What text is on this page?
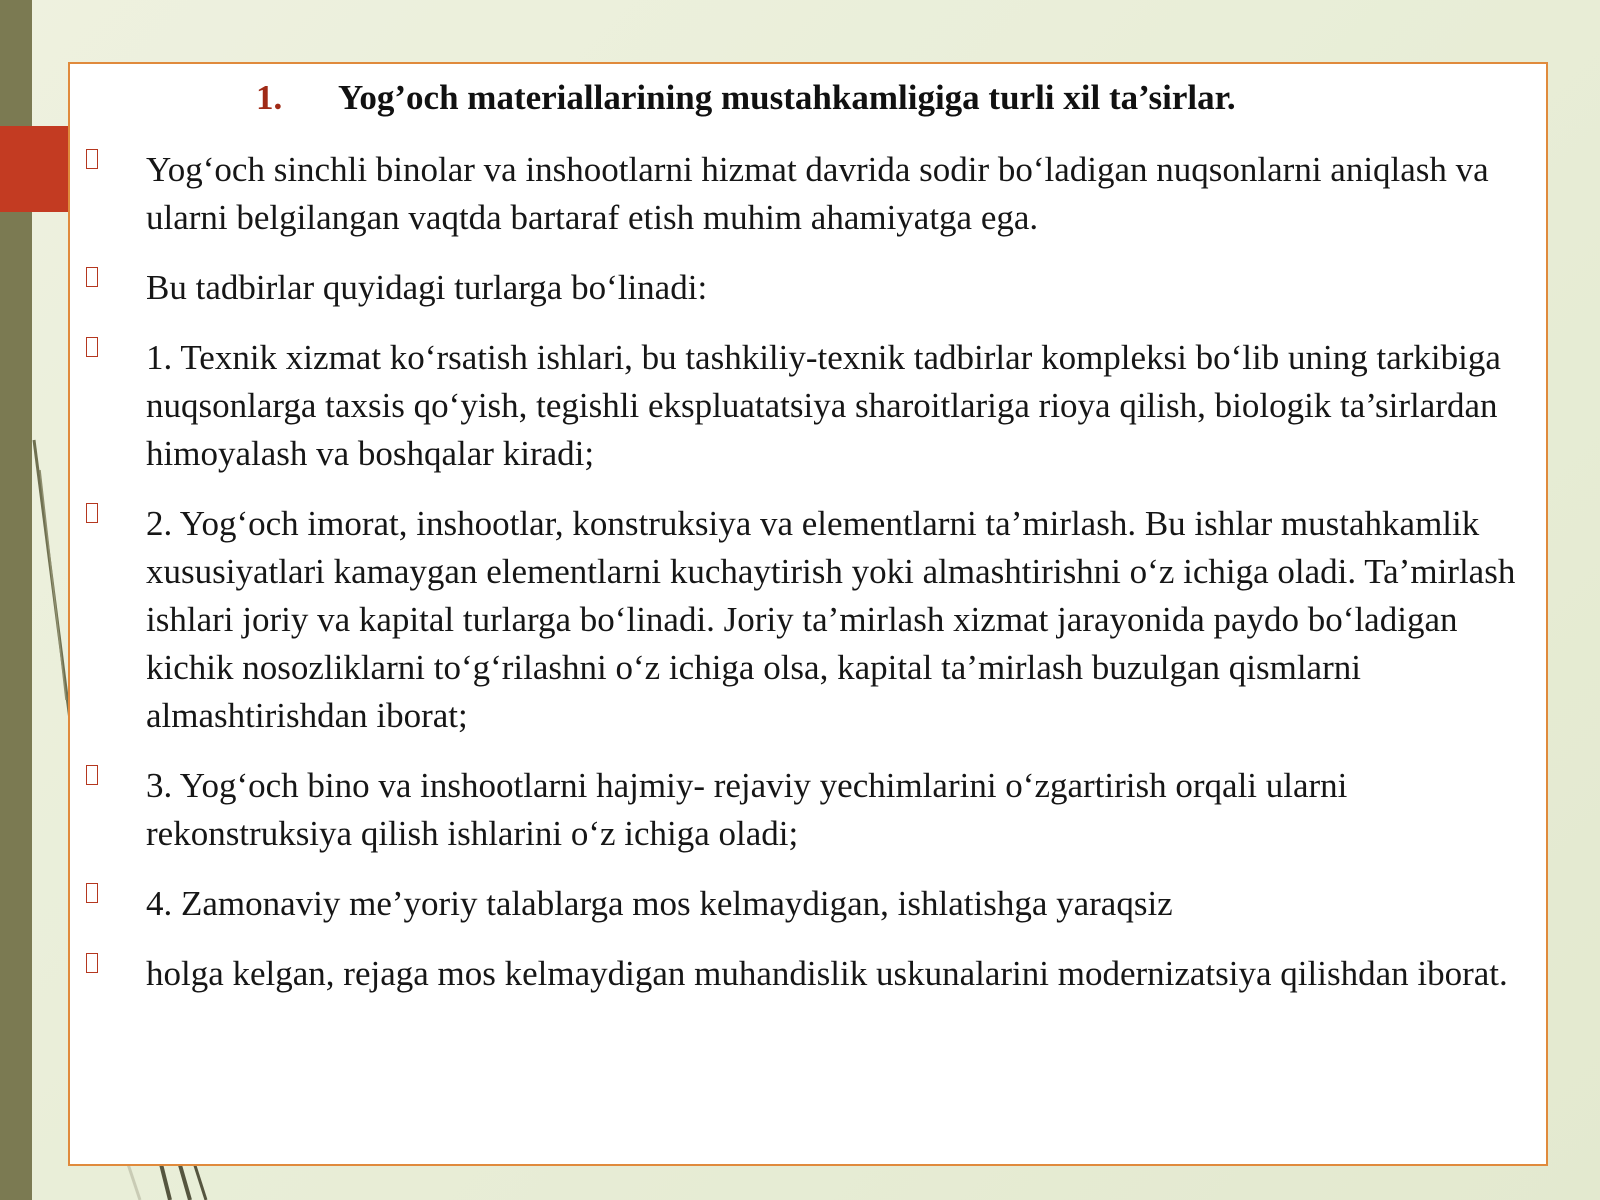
1. Yog’och materiallarining mustahkamligiga turli xil ta’sirlar.
Yog‘och sinchli binolar va inshootlarni hizmat davrida sodir bo‘ladigan nuqsonlarni aniqlash va ularni belgilangan vaqtda bartaraf etish muhim ahamiyatga ega.
Bu tadbirlar quyidagi turlarga bo‘linadi:
1. Texnik xizmat ko‘rsatish ishlari, bu tashkiliy-texnik tadbirlar kompleksi bo‘lib uning tarkibiga nuqsonlarga taxsis qo‘yish, tegishli ekspluatatsiya sharoitlariga rioya qilish, biologik ta’sirlardan himoyalash va boshqalar kiradi;
2. Yog‘och imorat, inshootlar, konstruksiya va elementlarni ta’mirlash. Bu ishlar mustahkamlik xususiyatlari kamaygan elementlarni kuchaytirish yoki almashtirishni o‘z ichiga oladi. Ta’mirlash ishlari joriy va kapital turlarga bo‘linadi. Joriy ta’mirlash xizmat jarayonida paydo bo‘ladigan kichik nosozliklarni to‘g‘rilashni o‘z ichiga olsa, kapital ta’mirlash buzulgan qismlarni almashtirishdan iborat;
3. Yog‘och bino va inshootlarni hajmiy- rejaviy yechimlarini o‘zgartirish orqali ularni rekonstruksiya qilish ishlarini o‘z ichiga oladi;
4. Zamonaviy me’yoriy talablarga mos kelmaydigan, ishlatishga yaraqsiz
holga kelgan, rejaga mos kelmaydigan muhandislik uskunalarini modernizatsiya qilishdan iborat.
